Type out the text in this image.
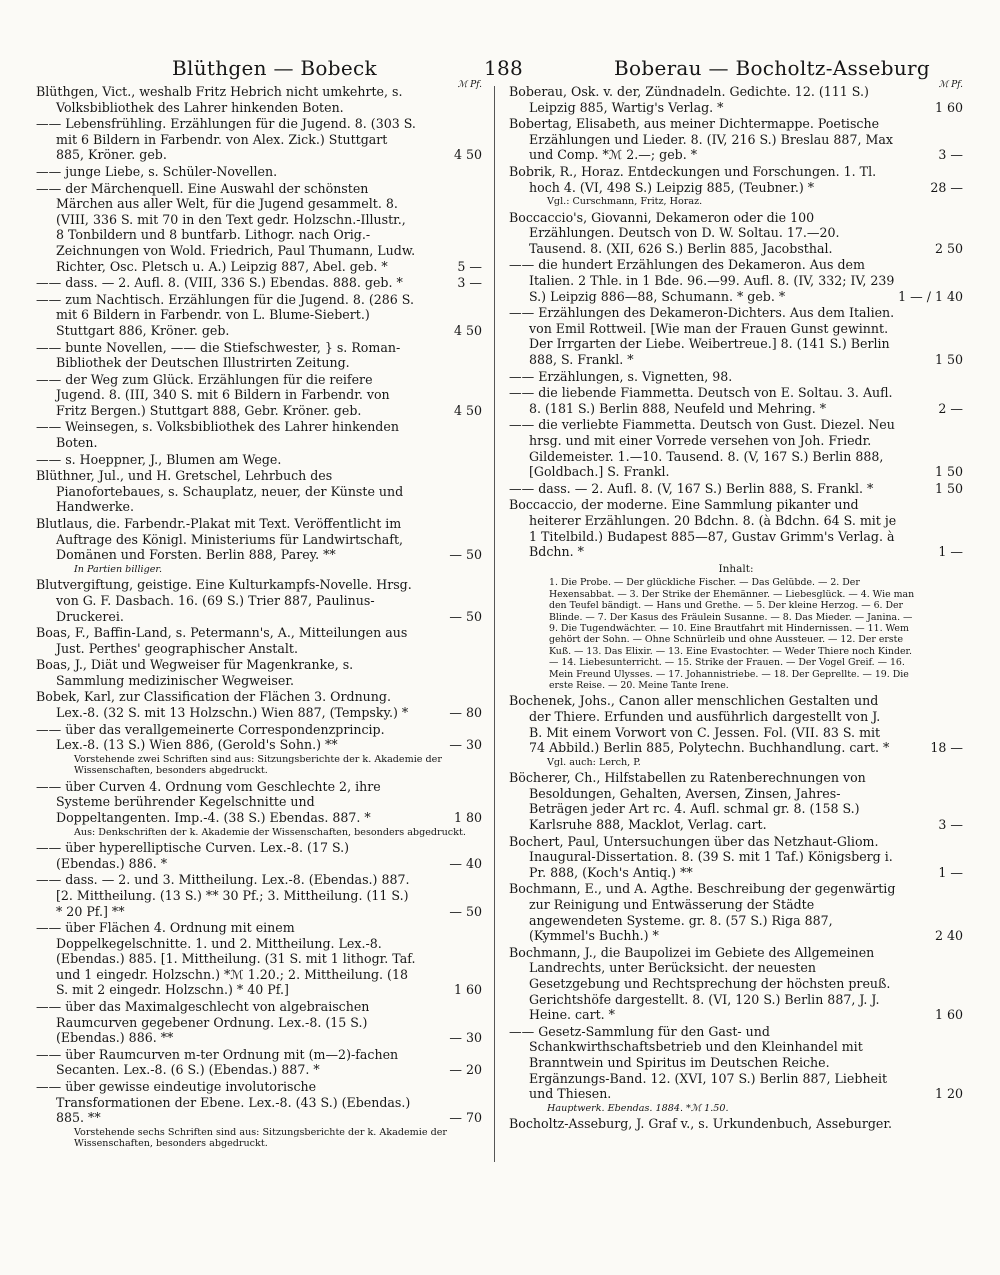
Blüthgen — Bobeck	188	Boberau — Bocholtz-Asseburg
ℳ Pf.
Blüthgen, Vict., weshalb Fritz Hebrich nicht umkehrte, s. Volksbibliothek des Lahrer hinkenden Boten.
—— Lebensfrühling. Erzählungen für die Jugend. 8. (303 S. mit 6 Bildern in Farbendr. von Alex. Zick.) Stuttgart 885, Kröner. geb.	4 50
—— junge Liebe, s. Schüler-Novellen.
—— der Märchenquell. Eine Auswahl der schönsten Märchen aus aller Welt, für die Jugend gesammelt. 8. (VIII, 336 S. mit 70 in den Text gedr. Holzschn.-Illustr., 8 Tonbildern und 8 buntfarb. Lithogr. nach Orig.-Zeichnungen von Wold. Friedrich, Paul Thumann, Ludw. Richter, Osc. Pletsch u. A.) Leipzig 887, Abel. geb. *	5 —
—— dass. — 2. Aufl. 8. (VIII, 336 S.) Ebendas. 888. geb. *	3 —
—— zum Nachtisch. Erzählungen für die Jugend. 8. (286 S. mit 6 Bildern in Farbendr. von L. Blume-Siebert.) Stuttgart 886, Kröner. geb.	4 50
—— bunte Novellen, —— die Stiefschwester, } s. Roman-Bibliothek der Deutschen Illustrirten Zeitung.
—— der Weg zum Glück. Erzählungen für die reifere Jugend. 8. (III, 340 S. mit 6 Bildern in Farbendr. von Fritz Bergen.) Stuttgart 888, Gebr. Kröner. geb.	4 50
—— Weinsegen, s. Volksbibliothek des Lahrer hinkenden Boten.
—— s. Hoeppner, J., Blumen am Wege.
Blüthner, Jul., und H. Gretschel, Lehrbuch des Pianofortebaues, s. Schauplatz, neuer, der Künste und Handwerke.
Blutlaus, die. Farbendr.-Plakat mit Text. Veröffentlicht im Auftrage des Königl. Ministeriums für Landwirtschaft, Domänen und Forsten. Berlin 888, Parey. **	— 50
In Partien billiger.
Blutvergiftung, geistige. Eine Kulturkampfs-Novelle. Hrsg. von G. F. Dasbach. 16. (69 S.) Trier 887, Paulinus-Druckerei.	— 50
Boas, F., Baffin-Land, s. Petermann's, A., Mitteilungen aus Just. Perthes' geographischer Anstalt.
Boas, J., Diät und Wegweiser für Magenkranke, s. Sammlung medizinischer Wegweiser.
Bobek, Karl, zur Classification der Flächen 3. Ordnung. Lex.-8. (32 S. mit 13 Holzschn.) Wien 887, (Tempsky.) *	— 80
—— über das verallgemeinerte Correspondenzprincip. Lex.-8. (13 S.) Wien 886, (Gerold's Sohn.) **	— 30
Vorstehende zwei Schriften sind aus: Sitzungsberichte der k. Akademie der Wissenschaften, besonders abgedruckt.
—— über Curven 4. Ordnung vom Geschlechte 2, ihre Systeme berührender Kegelschnitte und Doppeltangenten. Imp.-4. (38 S.) Ebendas. 887. *	1 80
Aus: Denkschriften der k. Akademie der Wissenschaften, besonders abgedruckt.
—— über hyperelliptische Curven. Lex.-8. (17 S.) (Ebendas.) 886. *	— 40
—— dass. — 2. und 3. Mittheilung. Lex.-8. (Ebendas.) 887. [2. Mittheilung. (13 S.) ** 30 Pf.; 3. Mittheilung. (11 S.) * 20 Pf.] **	— 50
—— über Flächen 4. Ordnung mit einem Doppelkegelschnitte. 1. und 2. Mittheilung. Lex.-8. (Ebendas.) 885. [1. Mittheilung. (31 S. mit 1 lithogr. Taf. und 1 eingedr. Holzschn.) *ℳ 1.20.; 2. Mittheilung. (18 S. mit 2 eingedr. Holzschn.) * 40 Pf.]	1 60
—— über das Maximalgeschlecht von algebraischen Raumcurven gegebener Ordnung. Lex.-8. (15 S.) (Ebendas.) 886. **	— 30
—— über Raumcurven m-ter Ordnung mit (m—2)-fachen Secanten. Lex.-8. (6 S.) (Ebendas.) 887. *	— 20
—— über gewisse eindeutige involutorische Transformationen der Ebene. Lex.-8. (43 S.) (Ebendas.) 885. **	— 70
Vorstehende sechs Schriften sind aus: Sitzungsberichte der k. Akademie der Wissenschaften, besonders abgedruckt.
ℳ Pf.
Boberau, Osk. v. der, Zündnadeln. Gedichte. 12. (111 S.) Leipzig 885, Wartig's Verlag. *	1 60
Bobertag, Elisabeth, aus meiner Dichtermappe. Poetische Erzählungen und Lieder. 8. (IV, 216 S.) Breslau 887, Max und Comp. *ℳ 2.—; geb. *	3 —
Bobrik, R., Horaz. Entdeckungen und Forschungen. 1. Tl. hoch 4. (VI, 498 S.) Leipzig 885, (Teubner.) *	28 —
Vgl.: Curschmann, Fritz, Horaz.
Boccaccio's, Giovanni, Dekameron oder die 100 Erzählungen. Deutsch von D. W. Soltau. 17.—20. Tausend. 8. (XII, 626 S.) Berlin 885, Jacobsthal.	2 50
—— die hundert Erzählungen des Dekameron. Aus dem Italien. 2 Thle. in 1 Bde. 96.—99. Aufl. 8. (IV, 332; IV, 239 S.) Leipzig 886—88, Schumann. * geb. *	1 — / 1 40
—— Erzählungen des Dekameron-Dichters. Aus dem Italien. von Emil Rottweil. [Wie man der Frauen Gunst gewinnt. Der Irrgarten der Liebe. Weibertreue.] 8. (141 S.) Berlin 888, S. Frankl. *	1 50
—— Erzählungen, s. Vignetten, 98.
—— die liebende Fiammetta. Deutsch von E. Soltau. 3. Aufl. 8. (181 S.) Berlin 888, Neufeld und Mehring. *	2 —
—— die verliebte Fiammetta. Deutsch von Gust. Diezel. Neu hrsg. und mit einer Vorrede versehen von Joh. Friedr. Gildemeister. 1.—10. Tausend. 8. (V, 167 S.) Berlin 888, [Goldbach.] S. Frankl.	1 50
—— dass. — 2. Aufl. 8. (V, 167 S.) Berlin 888, S. Frankl. *	1 50
Boccaccio, der moderne. Eine Sammlung pikanter und heiterer Erzählungen. 20 Bdchn. 8. (à Bdchn. 64 S. mit je 1 Titelbild.) Budapest 885—87, Gustav Grimm's Verlag. à Bdchn. *	1 —
Inhalt:
1. Die Probe. — Der glückliche Fischer. — Das Gelübde. — 2. Der Hexensabbat. — 3. Der Strike der Ehemänner. — Liebesglück. — 4. Wie man den Teufel bändigt. — Hans und Grethe. — 5. Der kleine Herzog. — 6. Der Blinde. — 7. Der Kasus des Fräulein Susanne. — 8. Das Mieder. — Janina. — 9. Die Tugendwächter. — 10. Eine Brautfahrt mit Hindernissen. — 11. Wem gehört der Sohn. — Ohne Schnürleib und ohne Aussteuer. — 12. Der erste Kuß. — 13. Das Elixir. — 13. Eine Evastochter. — Weder Thiere noch Kinder. — 14. Liebesunterricht. — 15. Strike der Frauen. — Der Vogel Greif. — 16. Mein Freund Ulysses. — 17. Johannistriebe. — 18. Der Geprellte. — 19. Die erste Reise. — 20. Meine Tante Irene.
Bochenek, Johs., Canon aller menschlichen Gestalten und der Thiere. Erfunden und ausführlich dargestellt von J. B. Mit einem Vorwort von C. Jessen. Fol. (VII. 83 S. mit 74 Abbild.) Berlin 885, Polytechn. Buchhandlung. cart. *	18 —
Vgl. auch: Lerch, P.
Böcherer, Ch., Hilfstabellen zu Ratenberechnungen von Besoldungen, Gehalten, Aversen, Zinsen, Jahres-Beträgen jeder Art rc. 4. Aufl. schmal gr. 8. (158 S.) Karlsruhe 888, Macklot, Verlag. cart.	3 —
Bochert, Paul, Untersuchungen über das Netzhaut-Gliom. Inaugural-Dissertation. 8. (39 S. mit 1 Taf.) Königsberg i. Pr. 888, (Koch's Antiq.) **	1 —
Bochmann, E., und A. Agthe. Beschreibung der gegenwärtig zur Reinigung und Entwässerung der Städte angewendeten Systeme. gr. 8. (57 S.) Riga 887, (Kymmel's Buchh.) *	2 40
Bochmann, J., die Baupolizei im Gebiete des Allgemeinen Landrechts, unter Berücksicht. der neuesten Gesetzgebung und Rechtsprechung der höchsten preuß. Gerichtshöfe dargestellt. 8. (VI, 120 S.) Berlin 887, J. J. Heine. cart. *	1 60
—— Gesetz-Sammlung für den Gast- und Schankwirthschaftsbetrieb und den Kleinhandel mit Branntwein und Spiritus im Deutschen Reiche. Ergänzungs-Band. 12. (XVI, 107 S.) Berlin 887, Liebheit und Thiesen.	1 20
Hauptwerk. Ebendas. 1884. *ℳ 1.50.
Bocholtz-Asseburg, J. Graf v., s. Urkundenbuch, Asseburger.
